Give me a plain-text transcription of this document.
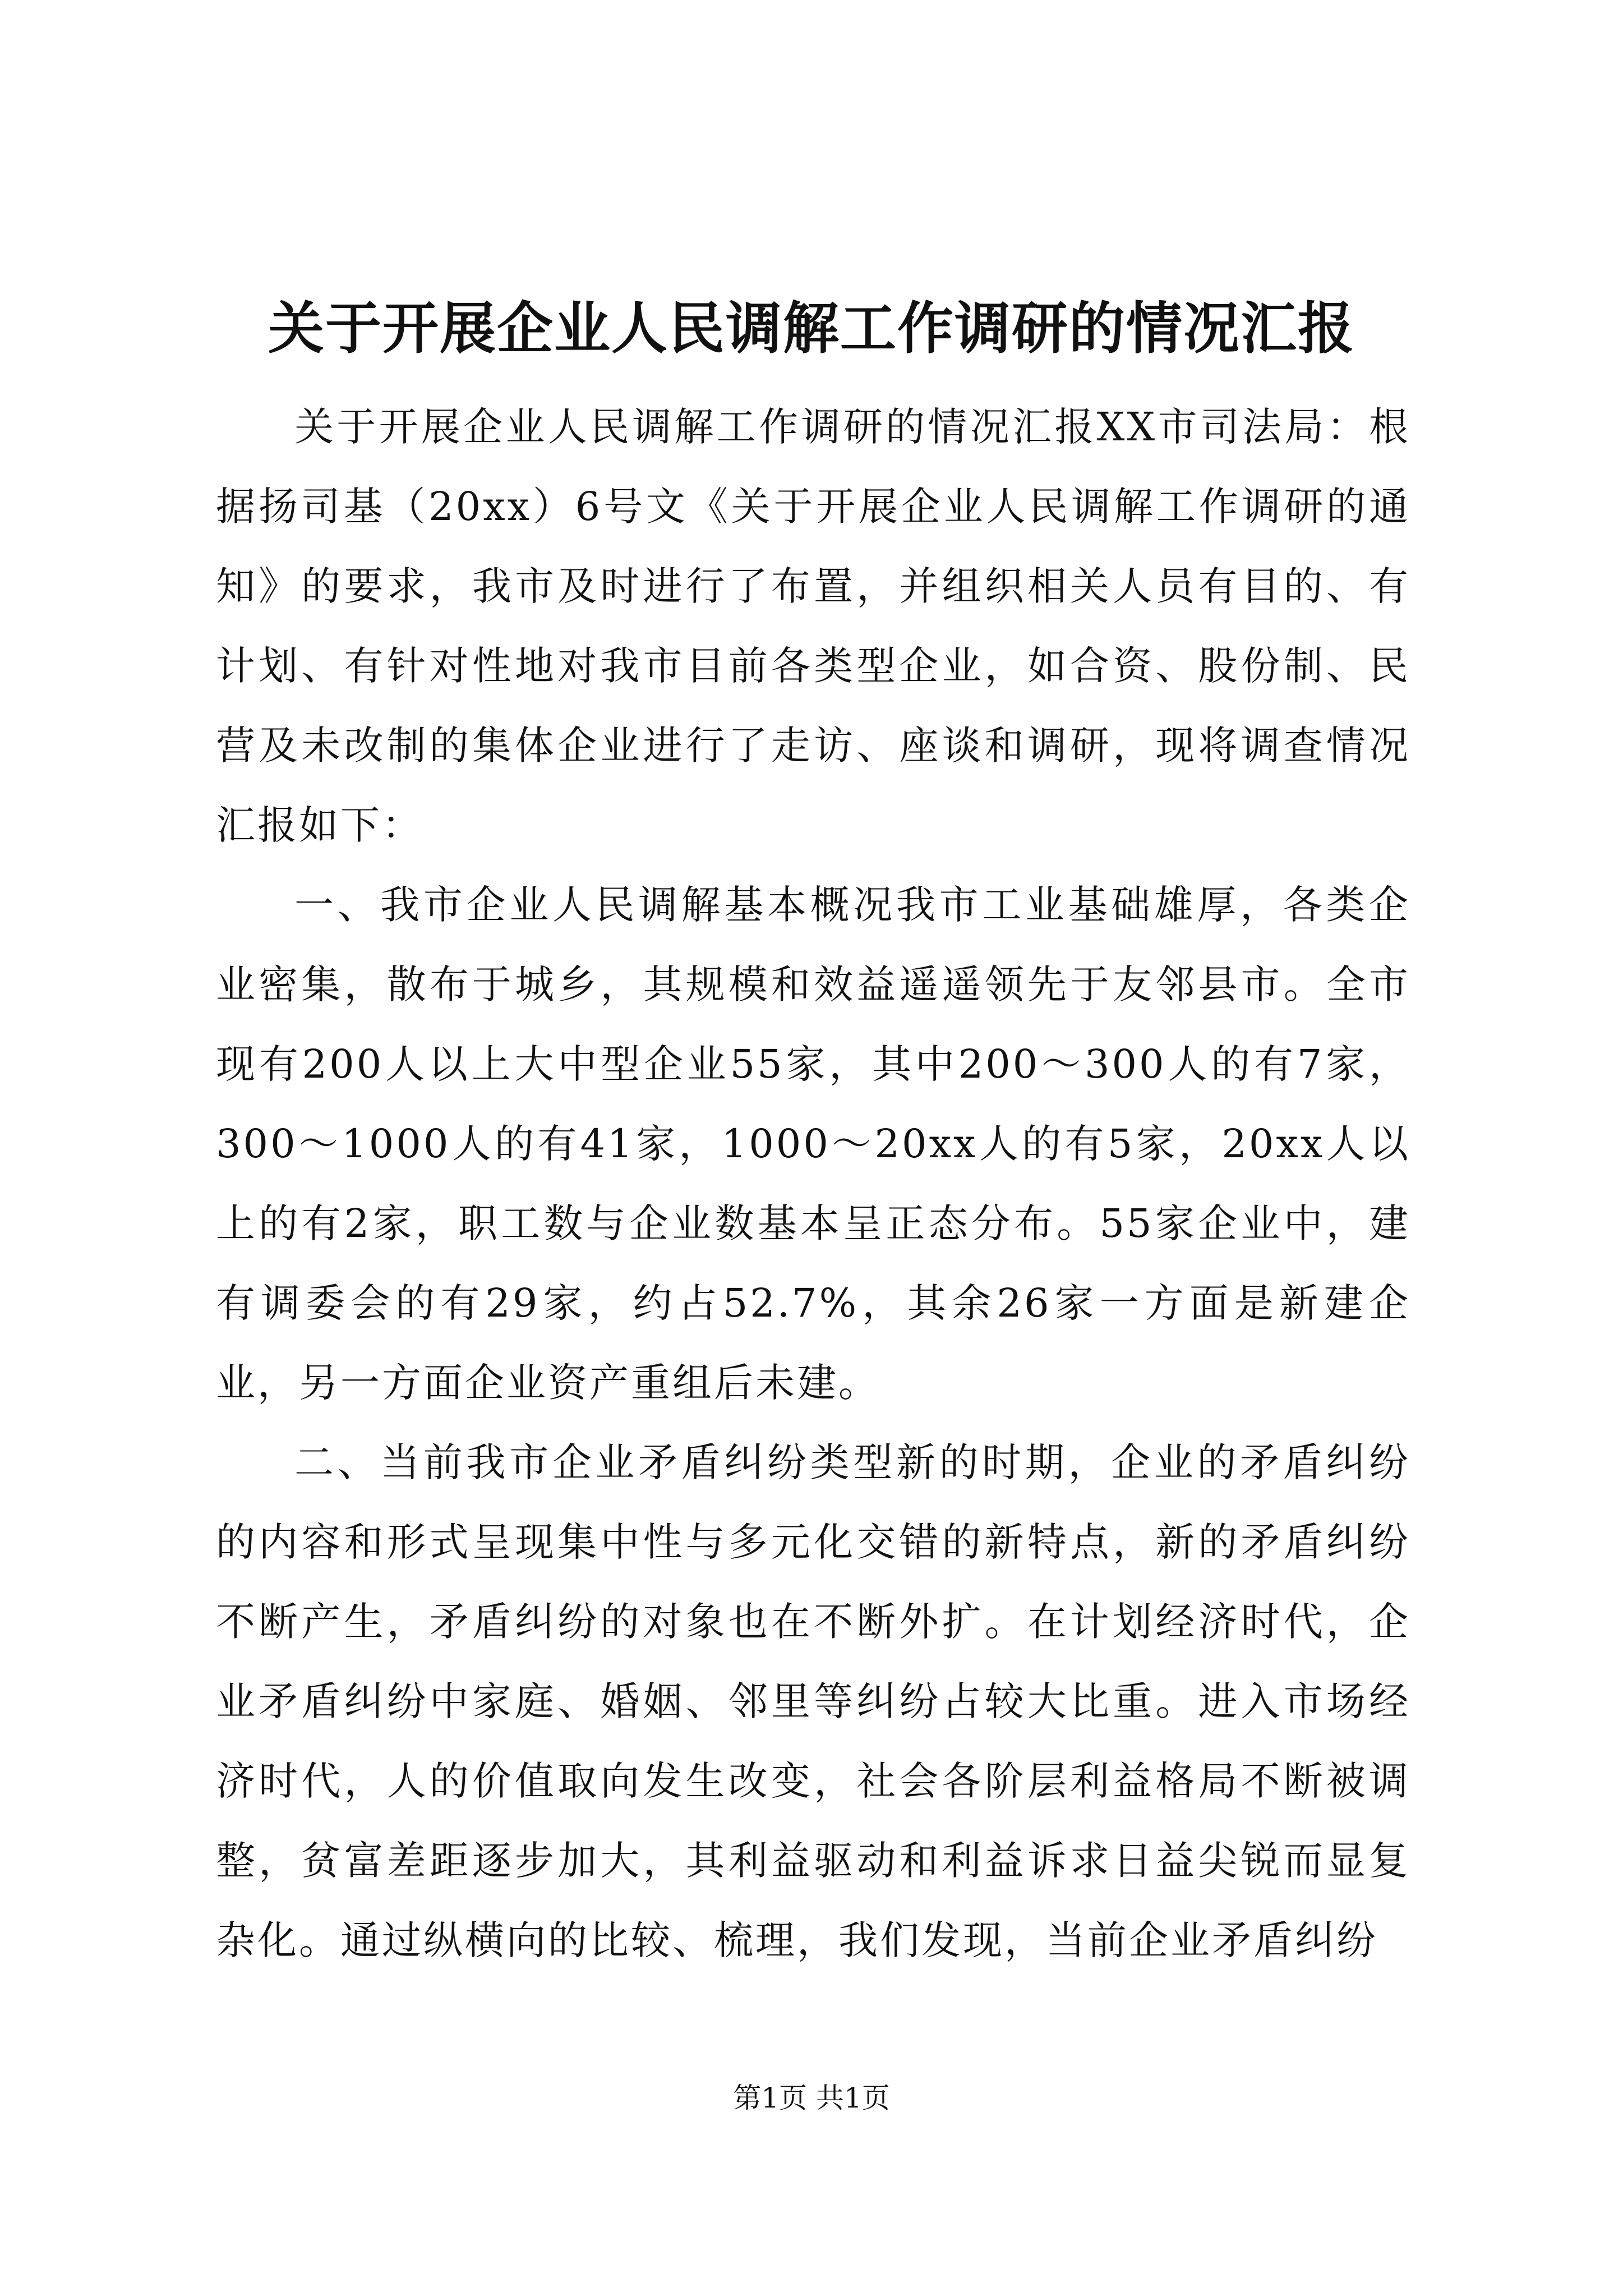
关于开展企业人民调解工作调研的情况汇报

关于开展企业人民调解工作调研的情况汇报XX市司法局：根据扬司基（20xx）6号文《关于开展企业人民调解工作调研的通知》的要求，我市及时进行了布置，并组织相关人员有目的、有计划、有针对性地对我市目前各类型企业，如合资、股份制、民营及未改制的集体企业进行了走访、座谈和调研，现将调查情况汇报如下：

一、我市企业人民调解基本概况我市工业基础雄厚，各类企业密集，散布于城乡，其规模和效益遥遥领先于友邻县市。全市现有200人以上大中型企业55家，其中200～300人的有7家，300～1000人的有41家，1000～20xx人的有5家，20xx人以上的有2家，职工数与企业数基本呈正态分布。55家企业中，建有调委会的有29家，约占52.7%，其余26家一方面是新建企业，另一方面企业资产重组后未建。

二、当前我市企业矛盾纠纷类型新的时期，企业的矛盾纠纷的内容和形式呈现集中性与多元化交错的新特点，新的矛盾纠纷不断产生，矛盾纠纷的对象也在不断外扩。在计划经济时代，企业矛盾纠纷中家庭、婚姻、邻里等纠纷占较大比重。进入市场经济时代，人的价值取向发生改变，社会各阶层利益格局不断被调整，贫富差距逐步加大，其利益驱动和利益诉求日益尖锐而显复杂化。通过纵横向的比较、梳理，我们发现，当前企业矛盾纠纷

第1页 共1页
